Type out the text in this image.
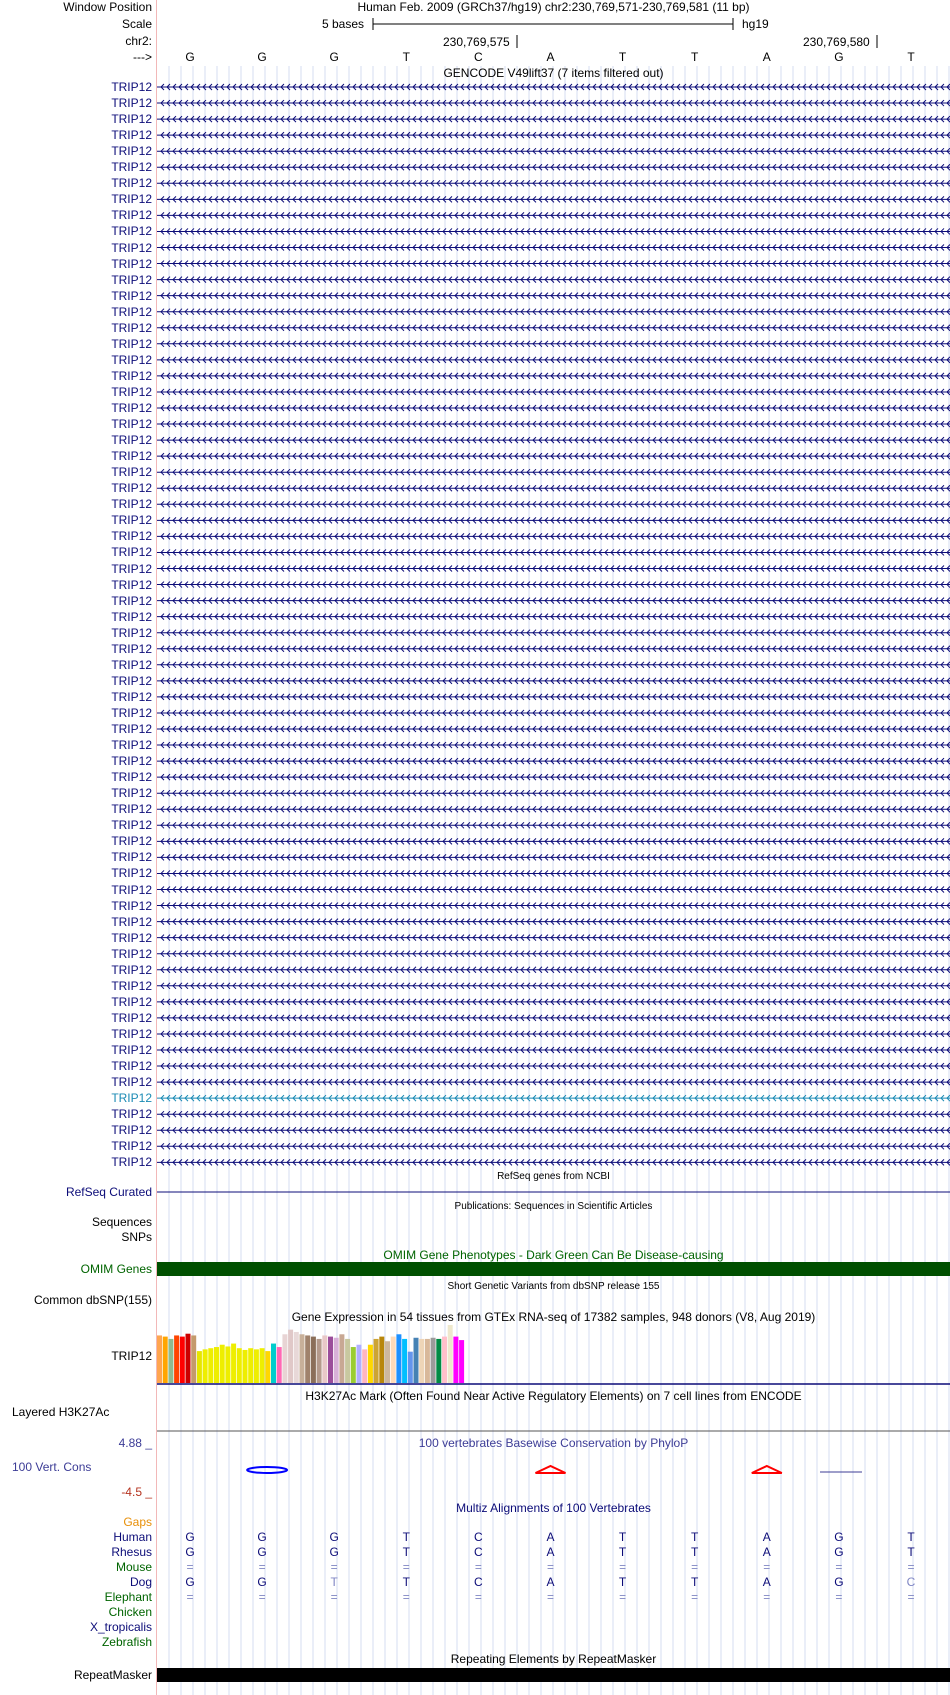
Window Position
Scale
chr2:
--->
Human Feb. 2009 (GRCh37/hg19) chr2:230,769,571-230,769,581 (11 bp)
5 bases	hg19
230,769,575	230,769,580
G	G	G	T	C	A	T	T	A	G	T
GENCODE V49lift37 (7 items filtered out)
TRIP12
TRIP12
TRIP12
TRIP12
TRIP12
TRIP12
TRIP12
TRIP12
TRIP12
TRIP12
TRIP12
TRIP12
TRIP12
TRIP12
TRIP12
TRIP12
TRIP12
TRIP12
TRIP12
TRIP12
TRIP12
TRIP12
TRIP12
TRIP12
TRIP12
TRIP12
TRIP12
TRIP12
TRIP12
TRIP12
TRIP12
TRIP12
TRIP12
TRIP12
TRIP12
TRIP12
TRIP12
TRIP12
TRIP12
TRIP12
TRIP12
TRIP12
TRIP12
TRIP12
TRIP12
TRIP12
TRIP12
TRIP12
TRIP12
TRIP12
TRIP12
TRIP12
TRIP12
TRIP12
TRIP12
TRIP12
TRIP12
TRIP12
TRIP12
TRIP12
TRIP12
TRIP12
TRIP12
TRIP12
TRIP12
TRIP12
TRIP12
TRIP12
RefSeq genes from NCBI
RefSeq Curated
Publications: Sequences in Scientific Articles
Sequences
SNPs
OMIM Gene Phenotypes - Dark Green Can Be Disease-causing
OMIM Genes
Short Genetic Variants from dbSNP release 155
Common dbSNP(155)
Gene Expression in 54 tissues from GTEx RNA-seq of 17382 samples, 948 donors (V8, Aug 2019)
TRIP12
H3K27Ac Mark (Often Found Near Active Regulatory Elements) on 7 cell lines from ENCODE
Layered H3K27Ac
4.88 _	100 vertebrates Basewise Conservation by PhyloP
100 Vert. Cons
-4.5 _
Multiz Alignments of 100 Vertebrates
Gaps
Human	G	G	G	T	C	A	T	T	A	G	T
Rhesus	G	G	G	T	C	A	T	T	A	G	T
Mouse	=	=	=	=	=	=	=	=	=	=	=
Dog	G	G	T	T	C	A	T	T	A	G	C
Elephant	=	=	=	=	=	=	=	=	=	=	=
Chicken
X_tropicalis
Zebrafish
Repeating Elements by RepeatMasker
RepeatMasker
